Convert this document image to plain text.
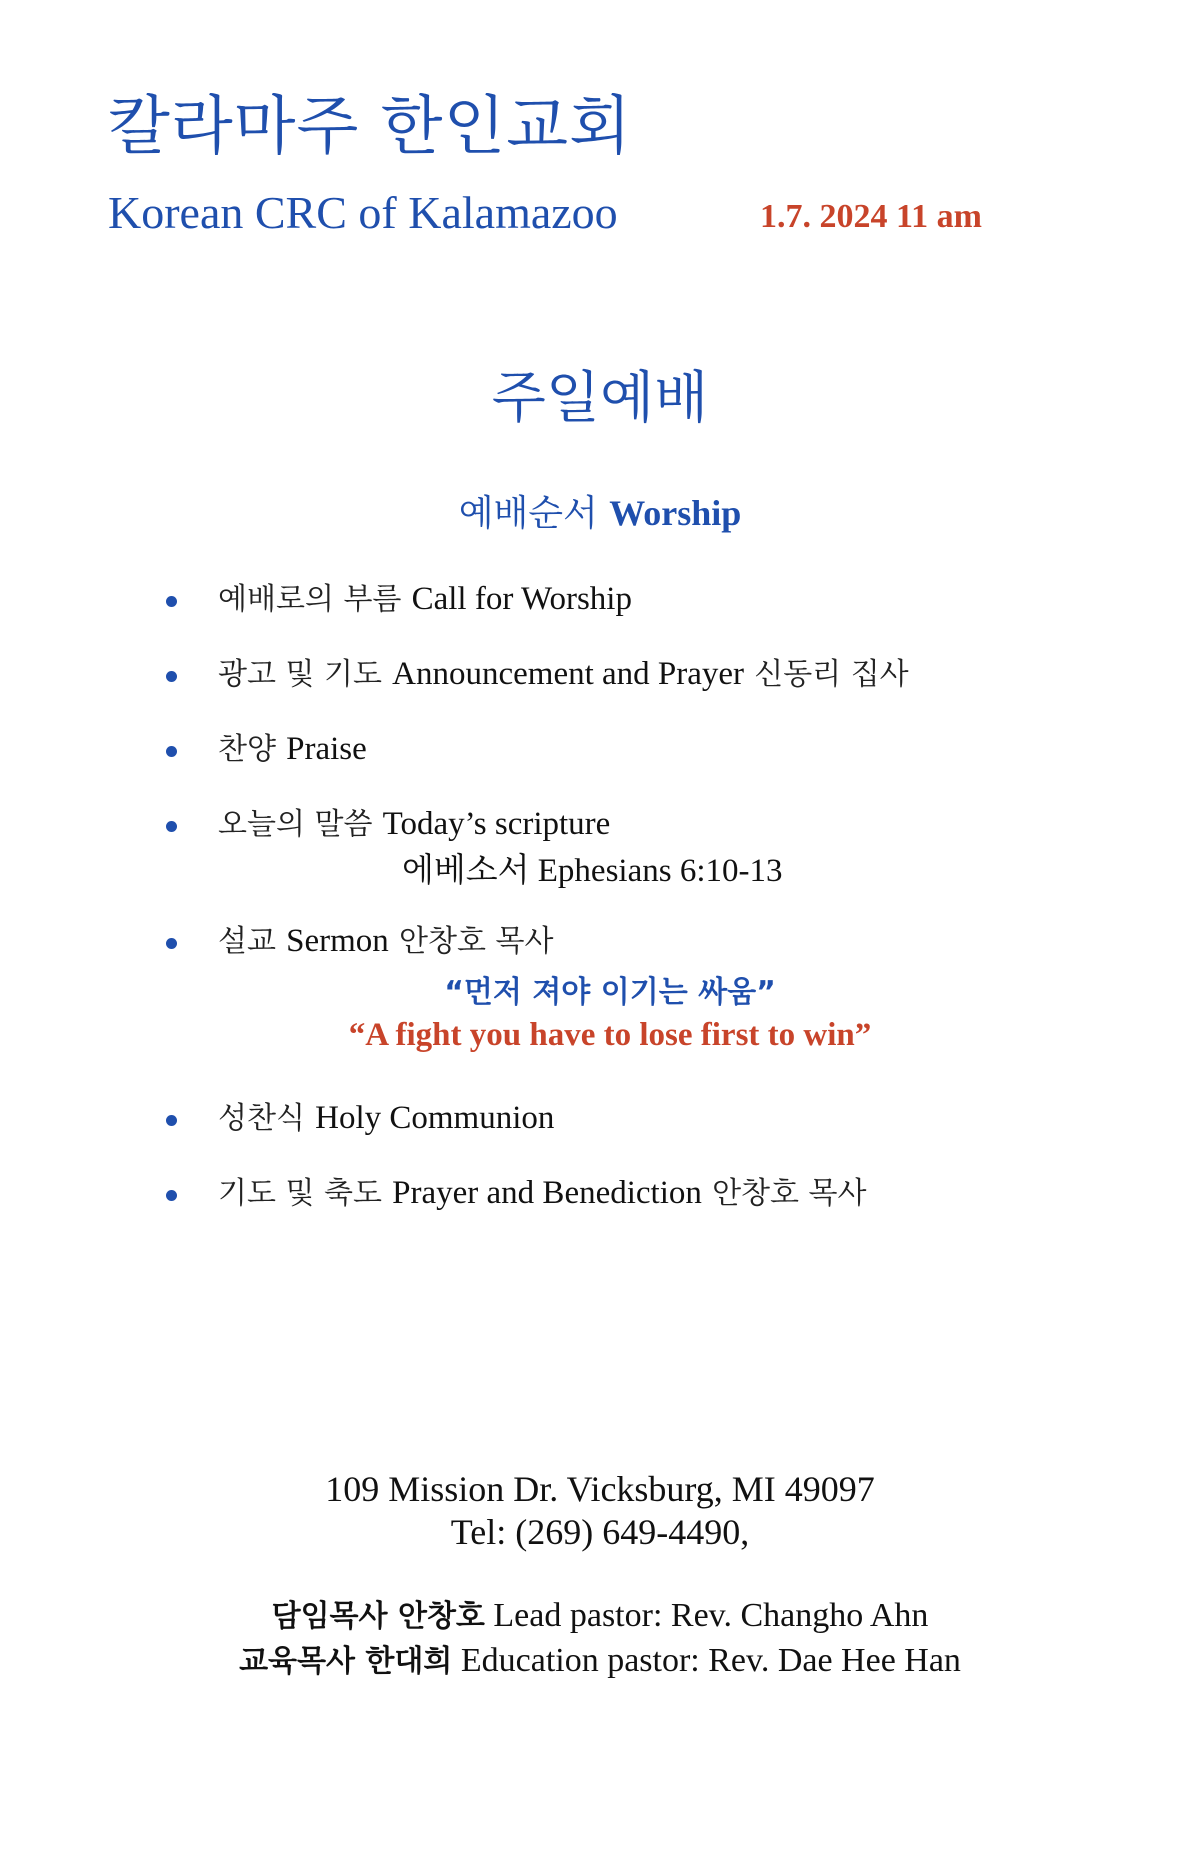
칼라마주 한인교회
Korean CRC of Kalamazoo	1.7. 2024 11 am
주일예배
예배순서 Worship
예배로의 부름 Call for Worship
광고 및 기도 Announcement and Prayer 신동리 집사
찬양 Praise
오늘의 말씀 Today’s scripture
에베소서 Ephesians 6:10-13
설교 Sermon 안창호 목사
“먼저 져야 이기는 싸움”
“A fight you have to lose first to win”
성찬식 Holy Communion
기도 및 축도 Prayer and Benediction 안창호 목사
109 Mission Dr. Vicksburg, MI 49097
Tel: (269) 649-4490,
담임목사 안창호 Lead pastor: Rev. Changho Ahn
교육목사 한대희 Education pastor: Rev. Dae Hee Han
